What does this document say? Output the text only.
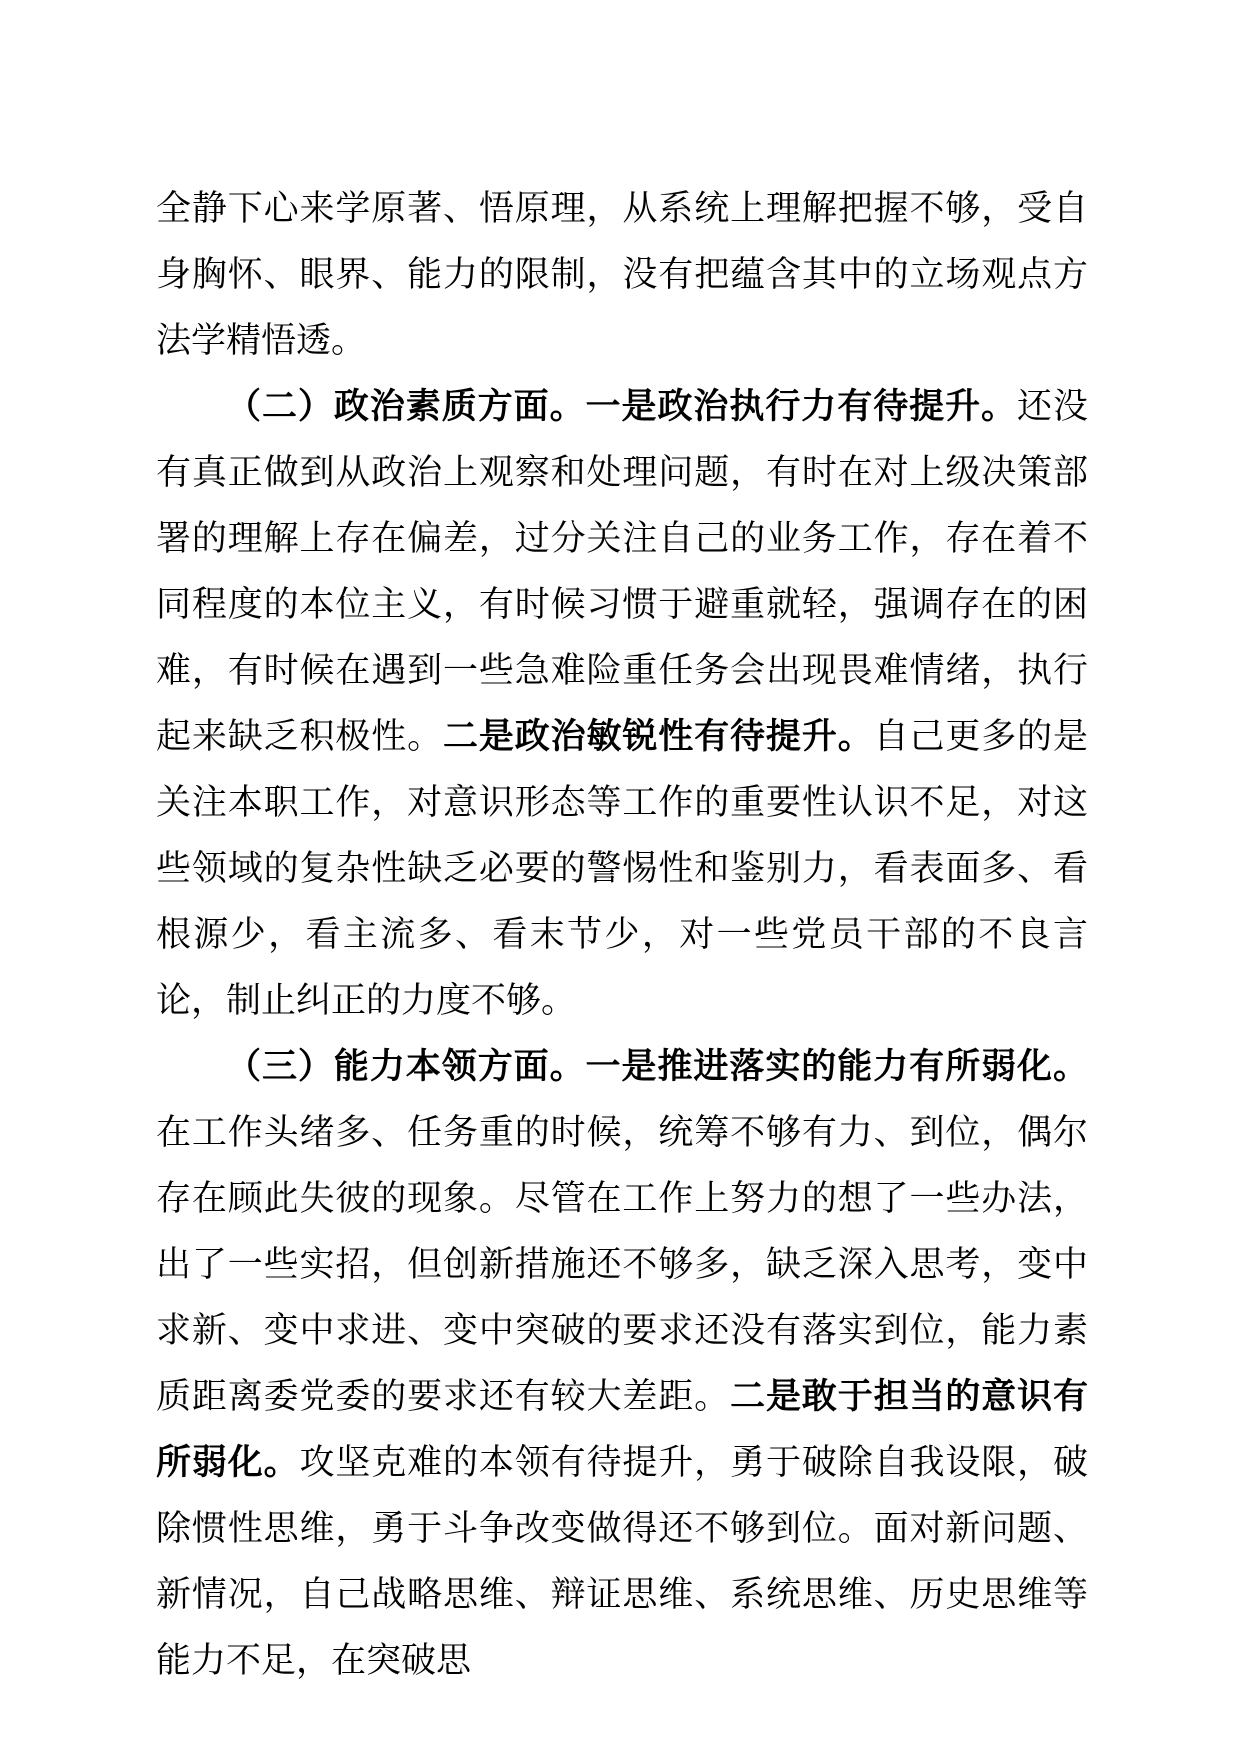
全静下心来学原著、悟原理，从系统上理解把握不够，受自身胸怀、眼界、能力的限制，没有把蕴含其中的立场观点方法学精悟透。

（二）政治素质方面。一是政治执行力有待提升。还没有真正做到从政治上观察和处理问题，有时在对上级决策部署的理解上存在偏差，过分关注自己的业务工作，存在着不同程度的本位主义，有时候习惯于避重就轻，强调存在的困难，有时候在遇到一些急难险重任务会出现畏难情绪，执行起来缺乏积极性。二是政治敏锐性有待提升。自己更多的是关注本职工作，对意识形态等工作的重要性认识不足，对这些领域的复杂性缺乏必要的警惕性和鉴别力，看表面多、看根源少，看主流多、看末节少，对一些党员干部的不良言论，制止纠正的力度不够。

（三）能力本领方面。一是推进落实的能力有所弱化。在工作头绪多、任务重的时候，统筹不够有力、到位，偶尔存在顾此失彼的现象。尽管在工作上努力的想了一些办法，出了一些实招，但创新措施还不够多，缺乏深入思考，变中求新、变中求进、变中突破的要求还没有落实到位，能力素质距离委党委的要求还有较大差距。二是敢于担当的意识有所弱化。攻坚克难的本领有待提升，勇于破除自我设限，破除惯性思维，勇于斗争改变做得还不够到位。面对新问题、新情况，自己战略思维、辩证思维、系统思维、历史思维等能力不足，在突破思
